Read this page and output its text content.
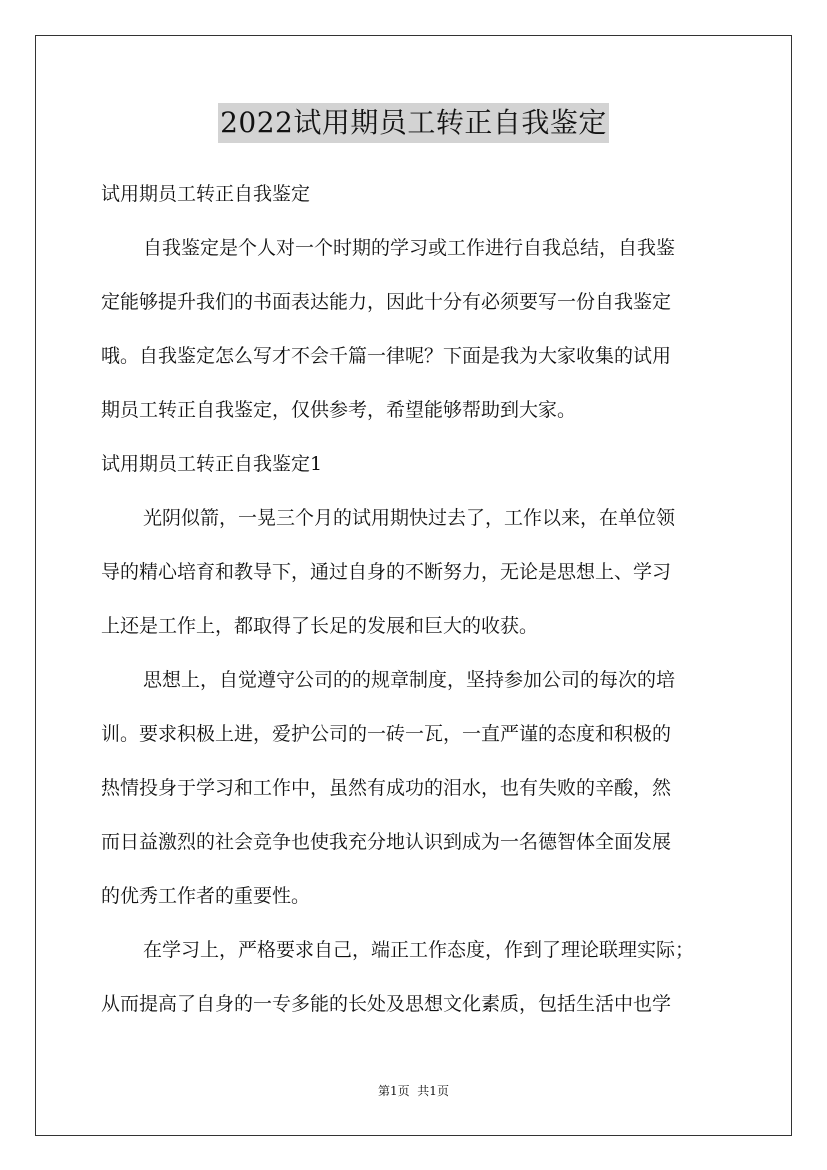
2022试用期员工转正自我鉴定
试用期员工转正自我鉴定
自我鉴定是个人对一个时期的学习或工作进行自我总结，自我鉴
定能够提升我们的书面表达能力，因此十分有必须要写一份自我鉴定
哦。自我鉴定怎么写才不会千篇一律呢？下面是我为大家收集的试用
期员工转正自我鉴定，仅供参考，希望能够帮助到大家。
试用期员工转正自我鉴定1
光阴似箭，一晃三个月的试用期快过去了，工作以来，在单位领
导的精心培育和教导下，通过自身的不断努力，无论是思想上、学习
上还是工作上，都取得了长足的发展和巨大的收获。
思想上，自觉遵守公司的的规章制度，坚持参加公司的每次的培
训。要求积极上进，爱护公司的一砖一瓦，一直严谨的态度和积极的
热情投身于学习和工作中，虽然有成功的泪水，也有失败的辛酸，然
而日益激烈的社会竞争也使我充分地认识到成为一名德智体全面发展
的优秀工作者的重要性。
在学习上，严格要求自己，端正工作态度，作到了理论联理实际；
从而提高了自身的一专多能的长处及思想文化素质，包括生活中也学
第1页  共1页
